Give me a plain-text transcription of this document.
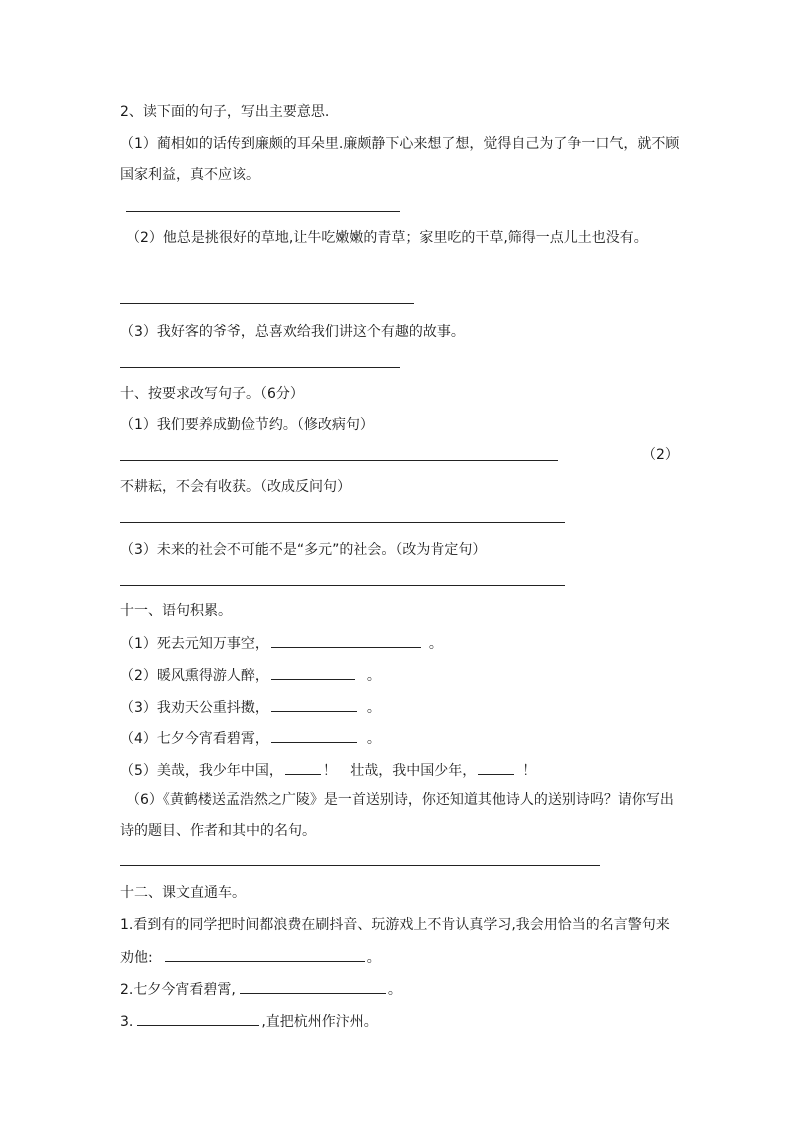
2、读下面的句子，写出主要意思.
（1）蔺相如的话传到廉颇的耳朵里.廉颇静下心来想了想，觉得自己为了争一口气，就不顾
国家利益，真不应该。
（2）他总是挑很好的草地,让牛吃嫩嫩的青草；家里吃的干草,筛得一点儿土也没有。
（3）我好客的爷爷，总喜欢给我们讲这个有趣的故事。
十、按要求改写句子。（6分）
（1）我们要养成勤俭节约。（修改病句）
（2）
不耕耘，不会有收获。（改成反问句）
（3）未来的社会不可能不是“多元”的社会。（改为肯定句）
十一、语句积累。
（1）死去元知万事空，	。
（2）暖风熏得游人醉，	。
（3）我劝天公重抖擞，	。
（4）七夕今宵看碧霄，	。
（5）美哉，我少年中国，	！   壮哉，我中国少年，	！
（6）《黄鹤楼送孟浩然之广陵》是一首送别诗，你还知道其他诗人的送别诗吗？请你写出
诗的题目、作者和其中的名句。
十二、课文直通车。
1.看到有的同学把时间都浪费在刷抖音、玩游戏上不肯认真学习,我会用恰当的名言警句来
劝他:	。
2.七夕今宵看碧霄,	。
3.	,直把杭州作汴州。
